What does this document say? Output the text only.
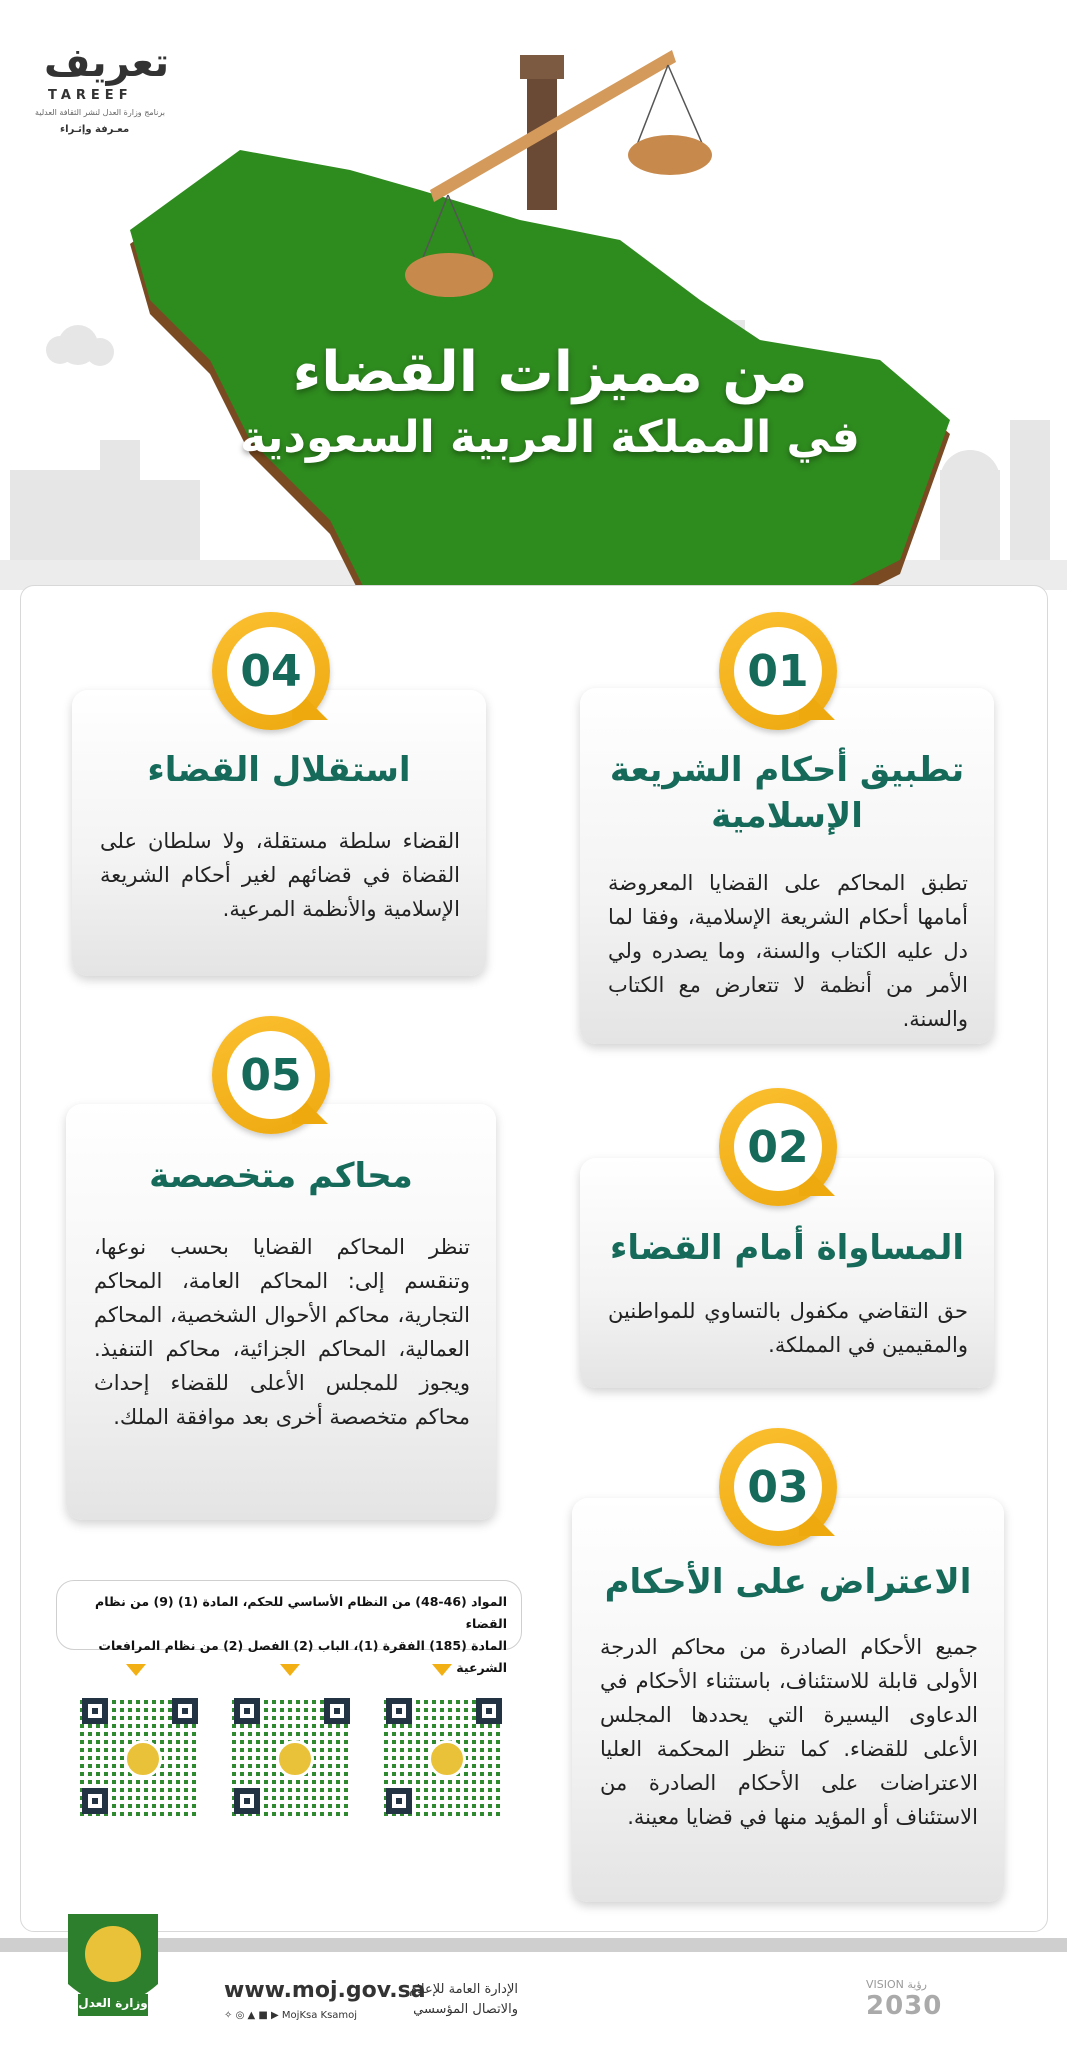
تعريف
TAREEF
برنامج وزارة العدل لنشر الثقافة العدلية
معـرفة وإثـراء
من مميزات القضاء
في المملكة العربية السعودية
تطبيق أحكام الشريعة الإسلامية
تطبق المحاكم على القضايا المعروضة أمامها أحكام الشريعة الإسلامية، وفقا لما دل عليه الكتاب والسنة، وما يصدره ولي الأمر من أنظمة لا تتعارض مع الكتاب والسنة.
01
المساواة أمام القضاء
حق التقاضي مكفول بالتساوي للمواطنين والمقيمين في المملكة.
02
الاعتراض على الأحكام
جميع الأحكام الصادرة من محاكم الدرجة الأولى قابلة للاستئناف، باستثناء الأحكام في الدعاوى اليسيرة التي يحددها المجلس الأعلى للقضاء. كما تنظر المحكمة العليا الاعتراضات على الأحكام الصادرة من الاستئناف أو المؤيد منها في قضايا معينة.
03
استقلال القضاء
القضاء سلطة مستقلة، ولا سلطان على القضاة في قضائهم لغير أحكام الشريعة الإسلامية والأنظمة المرعية.
04
محاكم متخصصة
تنظر المحاكم القضايا بحسب نوعها، وتنقسم إلى: المحاكم العامة، المحاكم التجارية، محاكم الأحوال الشخصية، المحاكم العمالية، المحاكم الجزائية، محاكم التنفيذ. ويجوز للمجلس الأعلى للقضاء إحداث محاكم متخصصة أخرى بعد موافقة الملك.
05
المواد (46-48) من النظام الأساسي للحكم، المادة (1) (9) من نظام القضاء
المادة (185) الفقرة (1)، الباب (2) الفصل (2) من نظام المرافعات الشرعية
وزارة العدل	www.moj.gov.sa
✧ ◎ ▲ ■ ▶ MojKsa Ksamoj
الإدارة العامة للإعلام والاتصال المؤسسي
VISION رؤية
2030
